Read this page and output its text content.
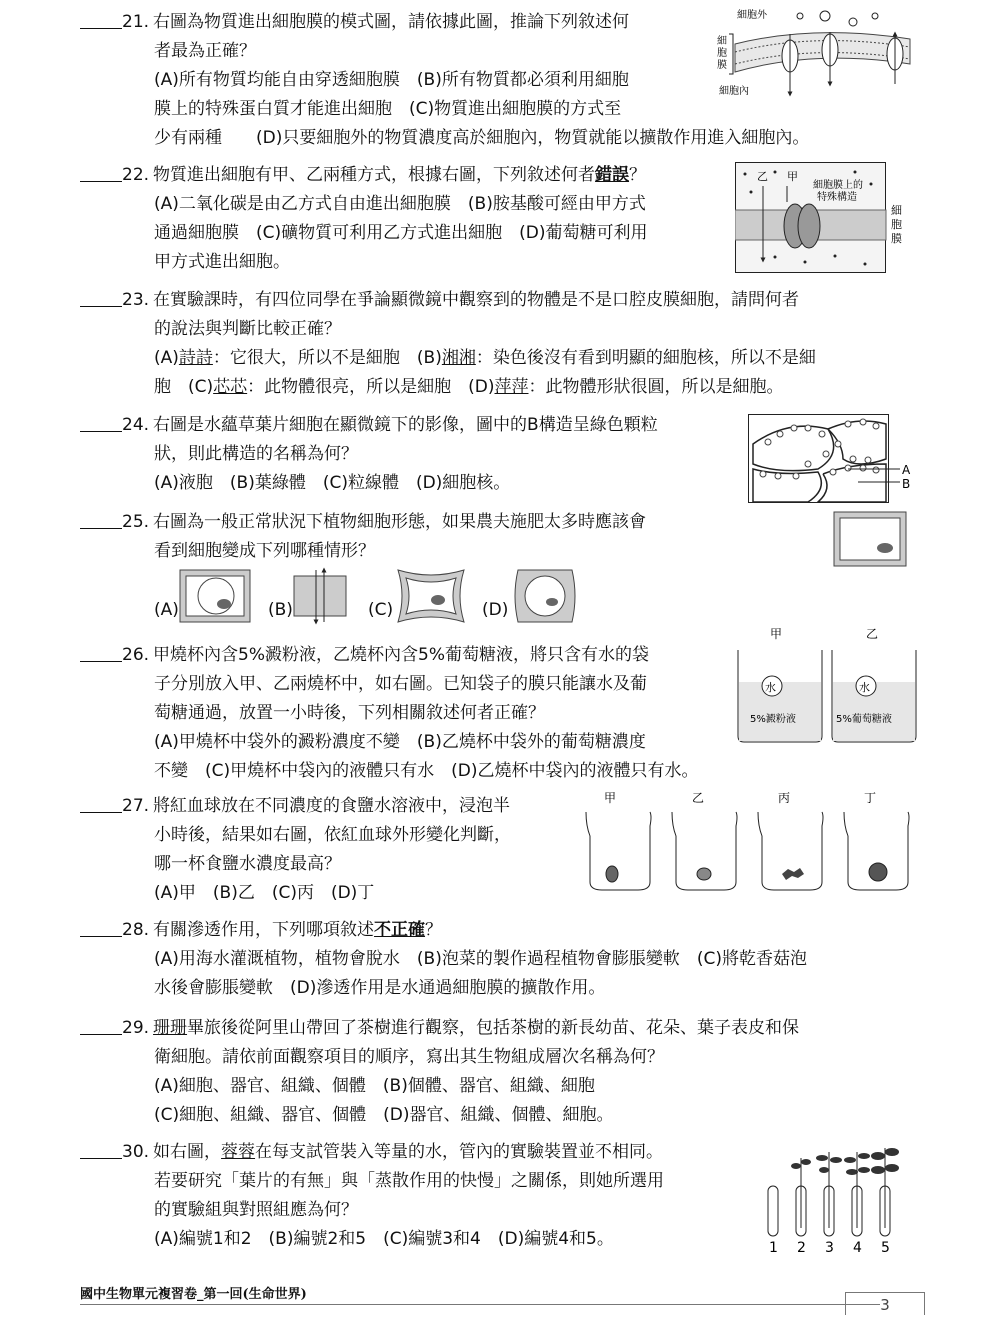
21. 右圖為物質進出細胞膜的模式圖，請依據此圖，推論下列敘述何
者最為正確？
(A)所有物質均能自由穿透細胞膜　(B)所有物質都必須利用細胞
膜上的特殊蛋白質才能進出細胞　(C)物質進出細胞膜的方式至
少有兩種　　(D)只要細胞外的物質濃度高於細胞內，物質就能以擴散作用進入細胞內。
細胞外
細
胞
膜
細胞內
22. 物質進出細胞有甲、乙兩種方式，根據右圖，下列敘述何者錯誤？
(A)二氧化碳是由乙方式自由進出細胞膜　(B)胺基酸可經由甲方式
通過細胞膜　(C)礦物質可利用乙方式進出細胞　(D)葡萄糖可利用
甲方式進出細胞。
乙 甲
細胞膜上的
特殊構造
細
胞
膜
23. 在實驗課時，有四位同學在爭論顯微鏡中觀察到的物體是不是口腔皮膜細胞，請問何者
的說法與判斷比較正確？
(A)詩詩：它很大，所以不是細胞　(B)湘湘：染色後沒有看到明顯的細胞核，所以不是細
胞　(C)芯芯：此物體很亮，所以是細胞　(D)萍萍：此物體形狀很圓，所以是細胞。
24. 右圖是水蘊草葉片細胞在顯微鏡下的影像，圖中的B構造呈綠色顆粒
狀，則此構造的名稱為何？
(A)液胞　(B)葉綠體　(C)粒線體　(D)細胞核。
A
B
25. 右圖為一般正常狀況下植物細胞形態，如果農夫施肥太多時應該會
看到細胞變成下列哪種情形？
(A)	(B)	(C)	(D)
26. 甲燒杯內含5%澱粉液，乙燒杯內含5%葡萄糖液，將只含有水的袋
子分別放入甲、乙兩燒杯中，如右圖。已知袋子的膜只能讓水及葡
萄糖通過，放置一小時後，下列相關敘述何者正確？
(A)甲燒杯中袋外的澱粉濃度不變　(B)乙燒杯中袋外的葡萄糖濃度
不變　(C)甲燒杯中袋內的液體只有水　(D)乙燒杯中袋內的液體只有水。
甲	乙
水	水
5%澱粉液	5%葡萄糖液
27. 將紅血球放在不同濃度的食鹽水溶液中，浸泡半
小時後，結果如右圖，依紅血球外形變化判斷，
哪一杯食鹽水濃度最高？
(A)甲　(B)乙　(C)丙　(D)丁
甲	乙	丙	丁
28. 有關滲透作用，下列哪項敘述不正確？
(A)用海水灌溉植物，植物會脫水　(B)泡菜的製作過程植物會膨脹變軟　(C)將乾香菇泡
水後會膨脹變軟　(D)滲透作用是水通過細胞膜的擴散作用。
29. 珊珊畢旅後從阿里山帶回了茶樹進行觀察，包括茶樹的新長幼苗、花朵、葉子表皮和保
衛細胞。請依前面觀察項目的順序，寫出其生物組成層次名稱為何？
(A)細胞、器官、組織、個體　(B)個體、器官、組織、細胞
(C)細胞、組織、器官、個體　(D)器官、組織、個體、細胞。
30. 如右圖，蓉蓉在每支試管裝入等量的水，管內的實驗裝置並不相同。
若要研究「葉片的有無」與「蒸散作用的快慢」之關係，則她所選用
的實驗組與對照組應為何？
(A)編號1和2　(B)編號2和5　(C)編號3和4　(D)編號4和5。	1 2 3 4 5
國中生物單元複習卷_第一回(生命世界)
3
